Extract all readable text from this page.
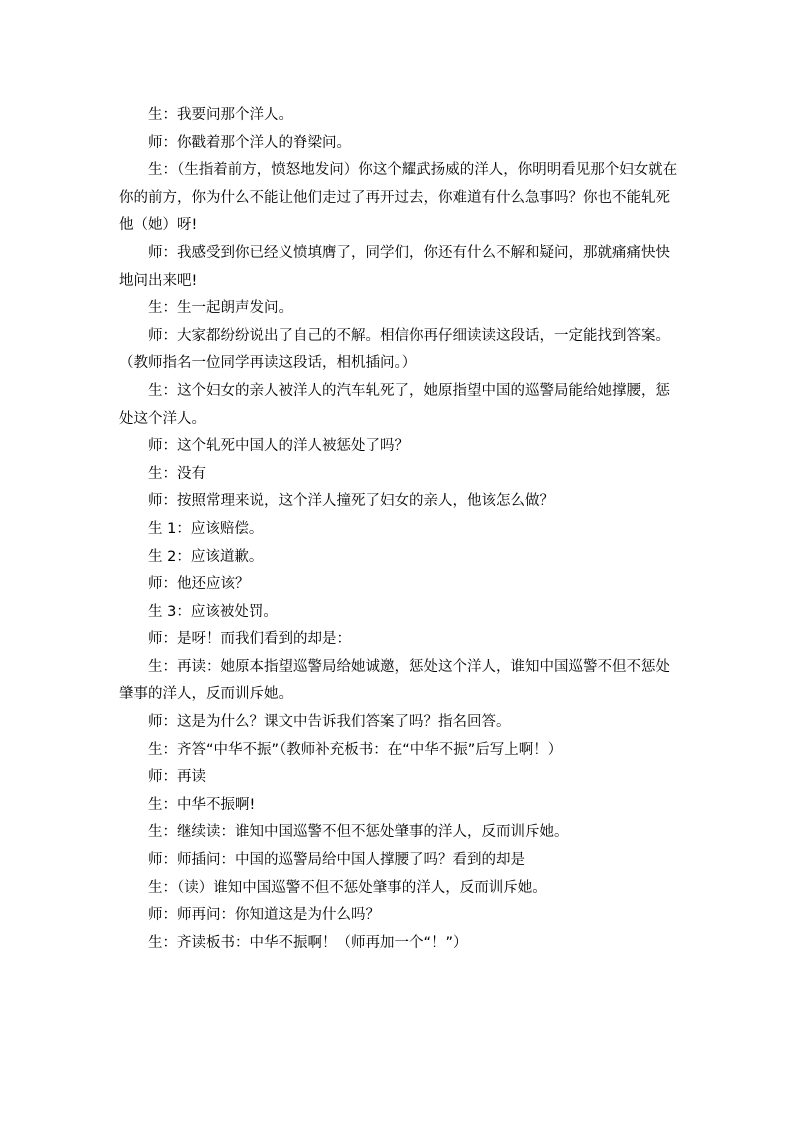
生：我要问那个洋人。

师：你戳着那个洋人的脊梁问。

生：（生指着前方，愤怒地发问）你这个耀武扬威的洋人，你明明看见那个妇女就在你的前方，你为什么不能让他们走过了再开过去，你难道有什么急事吗？你也不能轧死他（她）呀!

师：我感受到你已经义愤填膺了，同学们，你还有什么不解和疑问，那就痛痛快快地问出来吧!

生：生一起朗声发问。

师：大家都纷纷说出了自己的不解。相信你再仔细读读这段话，一定能找到答案。（教师指名一位同学再读这段话，相机插问。）

生：这个妇女的亲人被洋人的汽车轧死了，她原指望中国的巡警局能给她撑腰，惩处这个洋人。

师：这个轧死中国人的洋人被惩处了吗？

生：没有

师：按照常理来说，这个洋人撞死了妇女的亲人，他该怎么做？

生 1：应该赔偿。

生 2：应该道歉。

师：他还应该？

生 3：应该被处罚。

师：是呀！而我们看到的却是：

生：再读：她原本指望巡警局给她诚邀，惩处这个洋人，谁知中国巡警不但不惩处肇事的洋人，反而训斥她。

师：这是为什么？课文中告诉我们答案了吗？指名回答。

生：齐答“中华不振”（教师补充板书：在“中华不振”后写上啊！）

师：再读

生：中华不振啊!

生：继续读：谁知中国巡警不但不惩处肇事的洋人，反而训斥她。

师：师插问：中国的巡警局给中国人撑腰了吗？看到的却是

生：（读）谁知中国巡警不但不惩处肇事的洋人，反而训斥她。

师：师再问：你知道这是为什么吗？

生：齐读板书：中华不振啊！（师再加一个“！”）
